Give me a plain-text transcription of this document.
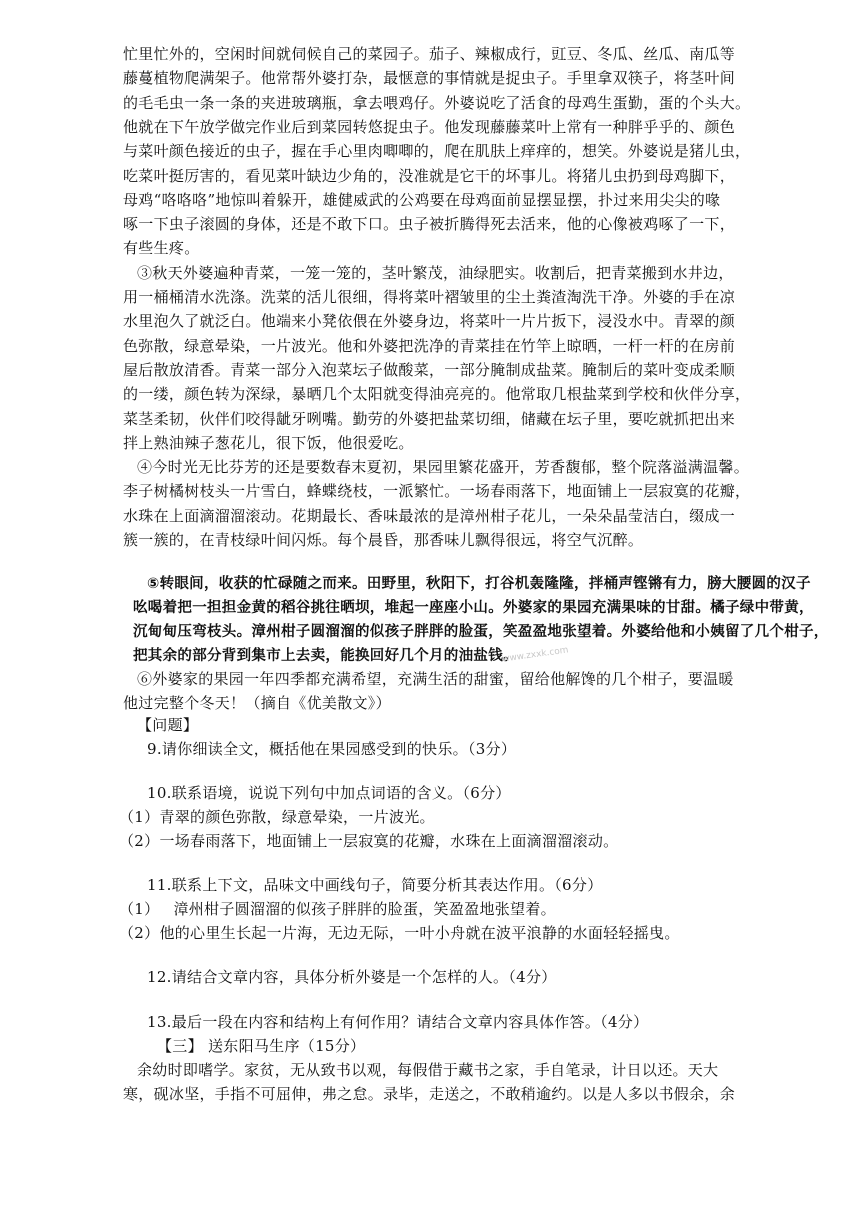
忙里忙外的，空闲时间就伺候自己的菜园子。茄子、辣椒成行，豇豆、冬瓜、丝瓜、南瓜等
藤蔓植物爬满架子。他常帮外婆打杂，最惬意的事情就是捉虫子。手里拿双筷子，将茎叶间
的毛毛虫一条一条的夹进玻璃瓶，拿去喂鸡仔。外婆说吃了活食的母鸡生蛋勤，蛋的个头大。
他就在下午放学做完作业后到菜园转悠捉虫子。他发现藤藤菜叶上常有一种胖乎乎的、颜色
与菜叶颜色接近的虫子，握在手心里肉唧唧的，爬在肌肤上痒痒的，想笑。外婆说是猪儿虫，
吃菜叶挺厉害的，看见菜叶缺边少角的，没准就是它干的坏事儿。将猪儿虫扔到母鸡脚下，
母鸡“咯咯咯”地惊叫着躲开，雄健威武的公鸡要在母鸡面前显摆显摆，扑过来用尖尖的喙
啄一下虫子滚圆的身体，还是不敢下口。虫子被折腾得死去活来，他的心像被鸡啄了一下，
有些生疼。
③秋天外婆遍种青菜，一笼一笼的，茎叶繁茂，油绿肥实。收割后，把青菜搬到水井边，
用一桶桶清水洗涤。洗菜的活儿很细，得将菜叶褶皱里的尘土粪渣淘洗干净。外婆的手在凉
水里泡久了就泛白。他端来小凳依偎在外婆身边，将菜叶一片片扳下，浸没水中。青翠的颜
色弥散，绿意晕染，一片波光。他和外婆把洗净的青菜挂在竹竿上晾晒，一杆一杆的在房前
屋后散放清香。青菜一部分入泡菜坛子做酸菜，一部分腌制成盐菜。腌制后的菜叶变成柔顺
的一缕，颜色转为深绿，暴晒几个太阳就变得油亮亮的。他常取几根盐菜到学校和伙伴分享，
菜茎柔韧，伙伴们咬得龇牙咧嘴。勤劳的外婆把盐菜切细，储藏在坛子里，要吃就抓把出来
拌上熟油辣子葱花儿，很下饭，他很爱吃。
④今时光无比芬芳的还是要数春末夏初，果园里繁花盛开，芳香馥郁，整个院落溢满温馨。
李子树橘树枝头一片雪白，蜂蝶绕枝，一派繁忙。一场春雨落下，地面铺上一层寂寞的花瓣，
水珠在上面滴溜溜滚动。花期最长、香味最浓的是漳州柑子花儿，一朵朵晶莹洁白，缀成一
簇一簇的，在青枝绿叶间闪烁。每个晨昏，那香味儿飘得很远，将空气沉醉。
⑤转眼间，收获的忙碌随之而来。田野里，秋阳下，打谷机轰隆隆，拌桶声铿锵有力，膀大腰圆的汉子
吆喝着把一担担金黄的稻谷挑往晒坝，堆起一座座小山。外婆家的果园充满果味的甘甜。橘子绿中带黄，
沉甸甸压弯枝头。漳州柑子圆溜溜的似孩子胖胖的脸蛋，笑盈盈地张望着。外婆给他和小姨留了几个柑子，
把其余的部分背到集市上去卖，能换回好几个月的油盐钱。
www.zxxk.com
⑥外婆家的果园一年四季都充满希望，充满生活的甜蜜，留给他解馋的几个柑子，要温暖
他过完整个冬天！（摘自《优美散文》）
【问题】
9.请你细读全文，概括他在果园感受到的快乐。（3分）
10.联系语境，说说下列句中加点词语的含义。（6分）
（1）青翠的颜色弥散，绿意晕染，一片波光。
（2）一场春雨落下，地面铺上一层寂寞的花瓣，水珠在上面滴溜溜滚动。
11.联系上下文，品味文中画线句子，简要分析其表达作用。（6分）
（1） 漳州柑子圆溜溜的似孩子胖胖的脸蛋，笑盈盈地张望着。
（2）他的心里生长起一片海，无边无际，一叶小舟就在波平浪静的水面轻轻摇曳。
12.请结合文章内容，具体分析外婆是一个怎样的人。（4分）
13.最后一段在内容和结构上有何作用？请结合文章内容具体作答。（4分）
【三】 送东阳马生序（15分）
余幼时即嗜学。家贫，无从致书以观，每假借于藏书之家，手自笔录，计日以还。天大
寒，砚冰坚，手指不可屈伸，弗之怠。录毕，走送之，不敢稍逾约。以是人多以书假余，余
